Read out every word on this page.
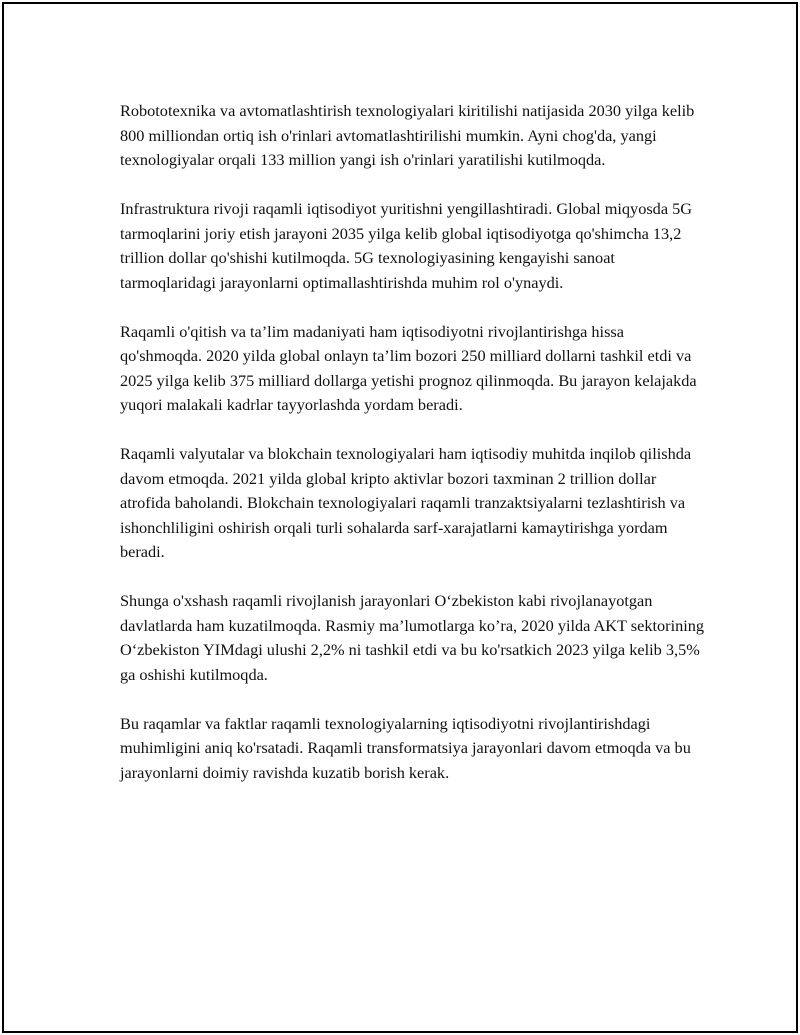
Robototexnika va avtomatlashtirish texnologiyalari kiritilishi natijasida 2030 yilga kelib 800 milliondan ortiq ish o'rinlari avtomatlashtirilishi mumkin. Ayni chog'da, yangi texnologiyalar orqali 133 million yangi ish o'rinlari yaratilishi kutilmoqda.

Infrastruktura rivoji raqamli iqtisodiyot yuritishni yengillashtiradi. Global miqyosda 5G tarmoqlarini joriy etish jarayoni 2035 yilga kelib global iqtisodiyotga qo'shimcha 13,2 trillion dollar qo'shishi kutilmoqda. 5G texnologiyasining kengayishi sanoat tarmoqlaridagi jarayonlarni optimallashtirishda muhim rol o'ynaydi.

Raqamli o'qitish va ta’lim madaniyati ham iqtisodiyotni rivojlantirishga hissa qo'shmoqda. 2020 yilda global onlayn ta’lim bozori 250 milliard dollarni tashkil etdi va 2025 yilga kelib 375 milliard dollarga yetishi prognoz qilinmoqda. Bu jarayon kelajakda yuqori malakali kadrlar tayyorlashda yordam beradi.

Raqamli valyutalar va blokchain texnologiyalari ham iqtisodiy muhitda inqilob qilishda davom etmoqda. 2021 yilda global kripto aktivlar bozori taxminan 2 trillion dollar atrofida baholandi. Blokchain texnologiyalari raqamli tranzaktsiyalarni tezlashtirish va ishonchliligini oshirish orqali turli sohalarda sarf-xarajatlarni kamaytirishga yordam beradi.

Shunga o'xshash raqamli rivojlanish jarayonlari O‘zbekiston kabi rivojlanayotgan davlatlarda ham kuzatilmoqda. Rasmiy ma’lumotlarga ko’ra, 2020 yilda AKT sektorining O‘zbekiston YIMdagi ulushi 2,2% ni tashkil etdi va bu ko'rsatkich 2023 yilga kelib 3,5% ga oshishi kutilmoqda.

Bu raqamlar va faktlar raqamli texnologiyalarning iqtisodiyotni rivojlantirishdagi muhimligini aniq ko'rsatadi. Raqamli transformatsiya jarayonlari davom etmoqda va bu jarayonlarni doimiy ravishda kuzatib borish kerak.
